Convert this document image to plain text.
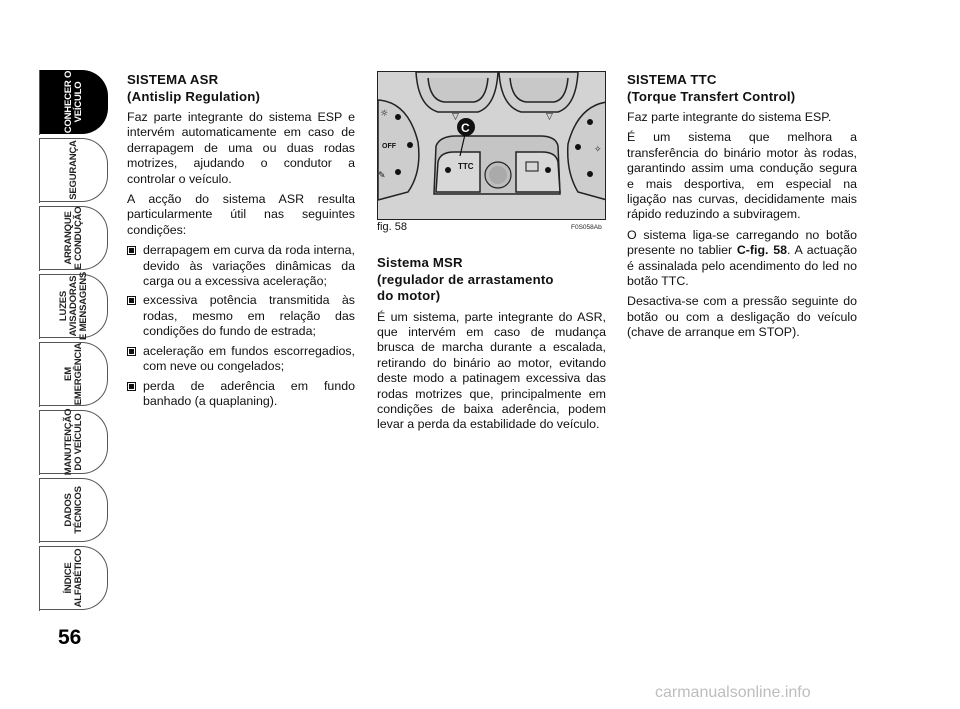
CONHECER O
VEÍCULO
SEGURANÇA
ARRANQUE
E CONDUÇÃO
LUZES
AVISADORAS
E MENSAGENS
EM
EMERGÊNCIA
MANUTENÇÃO
DO VEÍCULO
DADOS
TÉCNICOS
ÍNDICE
ALFABÉTICO
56
SISTEMA ASR
(Antislip Regulation)

Faz parte integrante do sistema ESP e intervém automaticamente em caso de derrapagem de uma ou duas rodas motrizes, ajudando o condutor a controlar o veículo.

A acção do sistema ASR resulta particularmente útil nas seguintes condições:

derrapagem em curva da roda interna, devido às variações dinâmicas da carga ou a excessiva aceleração;
excessiva potência transmitida às rodas, mesmo em relação das condições do fundo de estrada;
aceleração em fundos escorregadios, com neve ou congelados;
perda de aderência em fundo banhado (a quaplaning).
▽	▽
☼
OFF
✎
✧
TTC
C
fig. 58	F0S058Ab
Sistema MSR
(regulador de arrastamento
do motor)

É um sistema, parte integrante do ASR, que intervém em caso de mudança brusca de marcha durante a escalada, retirando do binário ao motor, evitando deste modo a patinagem excessiva das rodas motrizes que, principalmente em condições de baixa aderência, podem levar a perda da estabilidade do veículo.

SISTEMA TTC
(Torque Transfert Control)

Faz parte integrante do sistema ESP.

É um sistema que melhora a transferência do binário motor às rodas, garantindo assim uma condução segura e mais desportiva, em especial na ligação nas curvas, decididamente mais rápido reduzindo a subviragem.

O sistema liga-se carregando no botão presente no tablier C-fig. 58. A actuação é assinalada pelo acendimento do led no botão TTC.

Desactiva-se com a pressão seguinte do botão ou com a desligação do veículo (chave de arranque em STOP).

carmanualsonline.info
